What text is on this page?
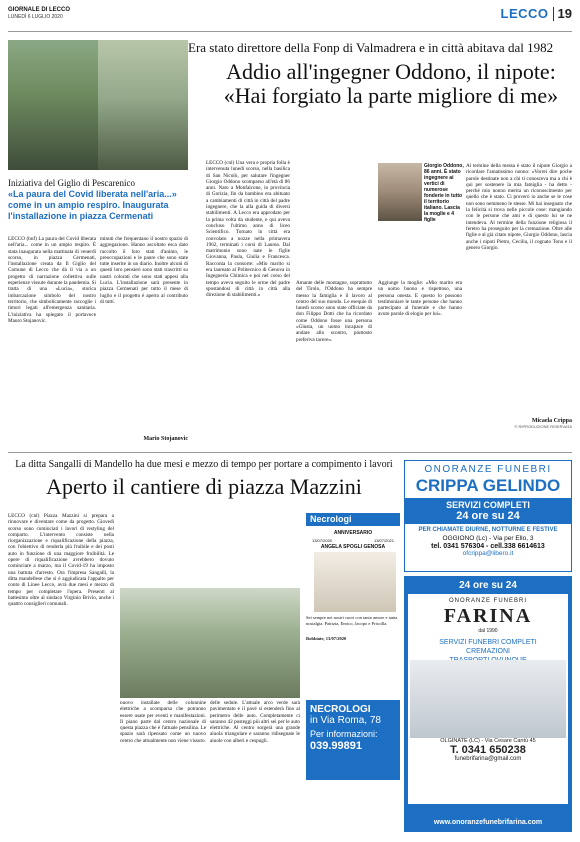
GIORNALE DI LECCO
LUNEDÌ 6 LUGLIO 2020	LECCO 19
Era stato direttore della Fonp di Valmadrera e in città abitava dal 1982
Addio all'ingegner Oddono, il nipote: «Hai forgiato la parte migliore di me»
Iniziativa del Giglio di Pescarenico
«La paura del Covid liberata nell'aria...» come in un ampio respiro. Inaugurata l'installazione in piazza Cermenati
LECCO (bnf) La paura del Covid liberata nell'aria... come in un ampio respiro. È stata inaugurata nella mattinata di venerdì scorso, in piazza Cermenati, l'installazione creata da Il Giglio del Comune di Lecco che dà il via a un progetto di narrazione collettiva sulle esperienze vissute durante la pandemia. Si tratta di una «Lucia», storica imbarcazione simbolo del nostro territorio, che simbolicamente raccoglie i timori legati all'emergenza sanitaria. L'iniziativa ha spiegato il portavoce Mauro Stojanovic.
minuti che frequentano il nostro spazio di aggregazione. Hanno ascoltato esca dato raccolto il loro stati d'animo, le preoccupazioni e le paure che sono state tutte inserite in un diario. Inoltre alcuni di questi loro pensieri sono stati trascritti su nastri colorati che sono stati appesi alla Lucia. L'installazione sarà presente in piazza Cermenati per tutto il mese di luglio e il progetto è aperto al contributo di tutti.
Mario Stojanovic
LECCO (cnl) Una vera e propria folla è intervenuta lunedì scorso, nella basilica di San Nicolò, per salutare l'ingegner Giorgio Oddono scomparso all'età di 86 anni. Nato a Monfalcone, in provincia di Gorizia, fin da bambino era abituato a cambiamenti di città in città del padre ingegnere, che la alla guida di diversi stabilimenti. A Lecco era approdato per la prima volta da studente, e qui aveva concluso l'ultimo anno di liceo Scientifico. Tornato in città era convolato a nozze nella primavera 1962, terminati i corsi di Laurea. Dal matrimonio sono nate le figlie Giovanna, Paola, Giulia e Francesca. Racconta la consorte: «Mio marito si era laureato al Politecnico di Genova in Ingegneria Chimica e poi nel corso del tempo aveva seguito le orme del padre spostandosi di città in città alla direzione di stabilimenti.»
Amante delle montagne, soprattutto del Tirolo, l'Oddono ha sempre messo la famiglia e il lavoro al centro del suo mondo. Le esequie di lunedì scorso sono state officiate da don Filippo Dotti che ha ricordato come Oddono fosse una persona «Giusta, un uomo incapace di andare allo scontro, piuttosto preferiva tacere».
Aggiunge la moglie: «Mio marito era un uomo buono e rispettoso, una persona onesta. E questo lo possono testimoniare le tante persone che hanno partecipato al funerale e che hanno avuto parole di elogio per lui».
Giorgio Oddono, 86 anni. È stato ingegnere ai vertici di numerose fonderie in tutto il territorio italiano. Lascia la moglie e 4 figlie
Al termine della messa è stato il nipote Giorgio a ricordare l'amatissimo nonno: «Vorrei dire poche parole destinate non a chi ti conosceva ma a chi è qui per sostenere la mia famiglia - ha detto - perché mio nonno merita un riconoscimento per quello che è stato. Ci proverò io anche se le cose non sono nemmeno le stesse. Mi hai insegnato che la felicità si trova nelle piccole cose: mangiando con le persone che ami e di questo lui se ne intendeva. Al termine della funzione religiosa il feretro ha proseguito per la cremazione. Oltre alle figlie e al già citato nipote, Giorgio Oddono, lascia anche i nipoti Pietro, Cecilia, il cognato Tono e il genero Giorgio.
Micaela Crippa
© RIPRODUZIONE RISERVATA
La ditta Sangalli di Mandello ha due mesi e mezzo di tempo per portare a compimento i lavori
Aperto il cantiere di piazza Mazzini
LECCO (cnl) Piazza Mazzini si prepara a rinnovare e diventare come da progetto. Giovedì scorso sono cominciati i lavori di restyling del comparto. L'intervento consiste nella riorganizzazione e riqualificazione della piazza, con l'obiettivo di renderla più fruibile e dei posti auto in funzione di una maggiore fruibilità. Le opere di riqualificazione avrebbero dovuto cominciare a marzo, ma il Covid-19 ha imposto una battuta d'arresto. Ora l'impresa Sangalli, la ditta mandellese che si è aggiudicata l'appalto per conto di Linee Lecco, avrà due mesi e mezzo di tempo per completare l'opera. Presenti al battesimo oltre al sindaco Virginio Brivio, anche i quattro consiglieri comunali.
nuovo installate delle colonnine elettriche a scomparsa che potranno essere usate per eventi e manifestazioni. Il piano parte dal centro nazionale di questa piazza che è l'attuale pensilina. Le spazio sarà ripensato come un nuovo centro che attualmente non viene vissuto.
delle sedute. L'attuale arco verde sarà pavimentato e il pavé si estenderà fino al perimetro delle auto. Completamente ci saranno 42 posteggi più altri sei per le auto elettriche. Al centro sorgerà una grande aiuola triangolare e saranno ridisegnate le aiuole con alberi e cespugli.
Necrologi
ANNIVERSARIO
13/07/2020	13/07/2021
ANGELA SPOGLI GENOSA
Sei sempre nei nostri cuori con tanto amore e tanta nostalgia. Patrizia, Enrico, Jacopo e Priscilla.
Robbiate, 13/07/2020
NECROLOGI
in Via Roma, 78
Per informazioni:
039.99891
ONORANZE FUNEBRI
CRIPPA GELINDO
SERVIZI COMPLETI
24 ore su 24
PER CHIAMATE DIURNE, NOTTURNE E FESTIVE
OGGIONO (Lc) - Via per Ello, 3
tel. 0341 576304 - cell.338 6614613
ofcrippa@libero.it
24 ore su 24
ONORANZE FUNEBRI
FARINA
dal 1990
SERVIZI FUNEBRI COMPLETI
CREMAZIONI
OLGINATE (LC) - Via Cesare Cantù 45
T. 0341 650238
funebrifarina@gmail.com
www.onoranzefunebrifarina.com
